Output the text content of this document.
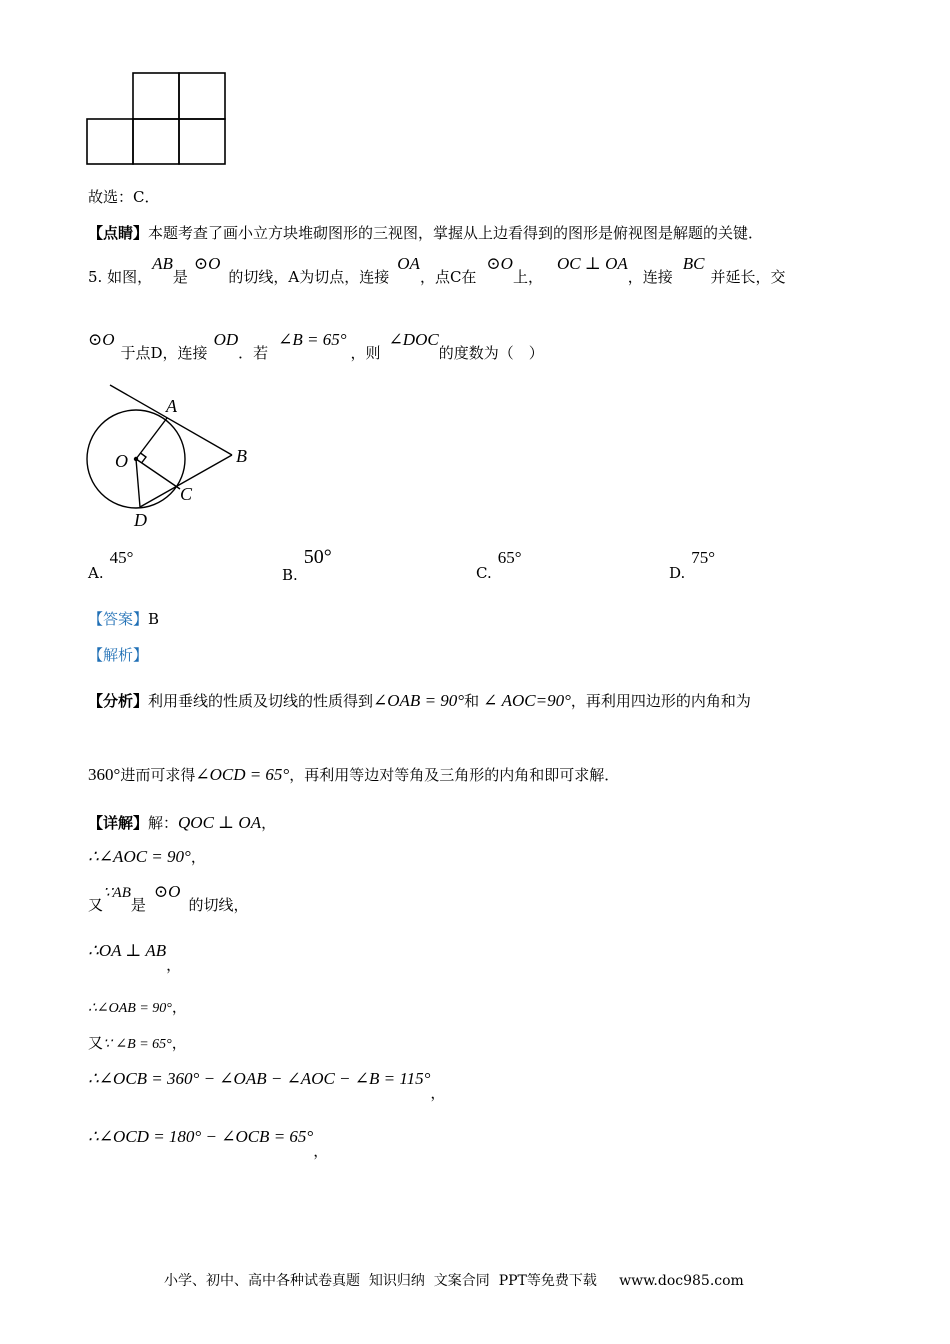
故选：C．
【点睛】本题考查了画小立方块堆砌图形的三视图，掌握从上边看得到的图形是俯视图是解题的关键．
5. 如图，AB是⊙O的切线，A为切点，连接OA，点C在⊙O上，OC ⊥ OA，连接BC并延长，交
⊙O于点D，连接OD．若∠B = 65°，则∠DOC的度数为（　）
A
B
O
C
D
A.45°
B.50°
C.65°
D.75°
【答案】B
【解析】
【分析】利用垂线的性质及切线的性质得到∠OAB = 90°和 ∠ AOC=90°，再利用四边形的内角和为
360°进而可求得∠OCD = 65°，再利用等边对等角及三角形的内角和即可求解．
【详解】解：QOC ⊥ OA，
∴∠AOC = 90°，
又∵AB是⊙O的切线，
∴OA ⊥ AB，
∴∠OAB = 90°，
又∵ ∠B = 65°，
∴∠OCB = 360° − ∠OAB − ∠AOC − ∠B = 115°，
∴∠OCD = 180° − ∠OCB = 65°，
小学、初中、高中各种试卷真题  知识归纳  文案合同  PPT等免费下载     www.doc985.com
